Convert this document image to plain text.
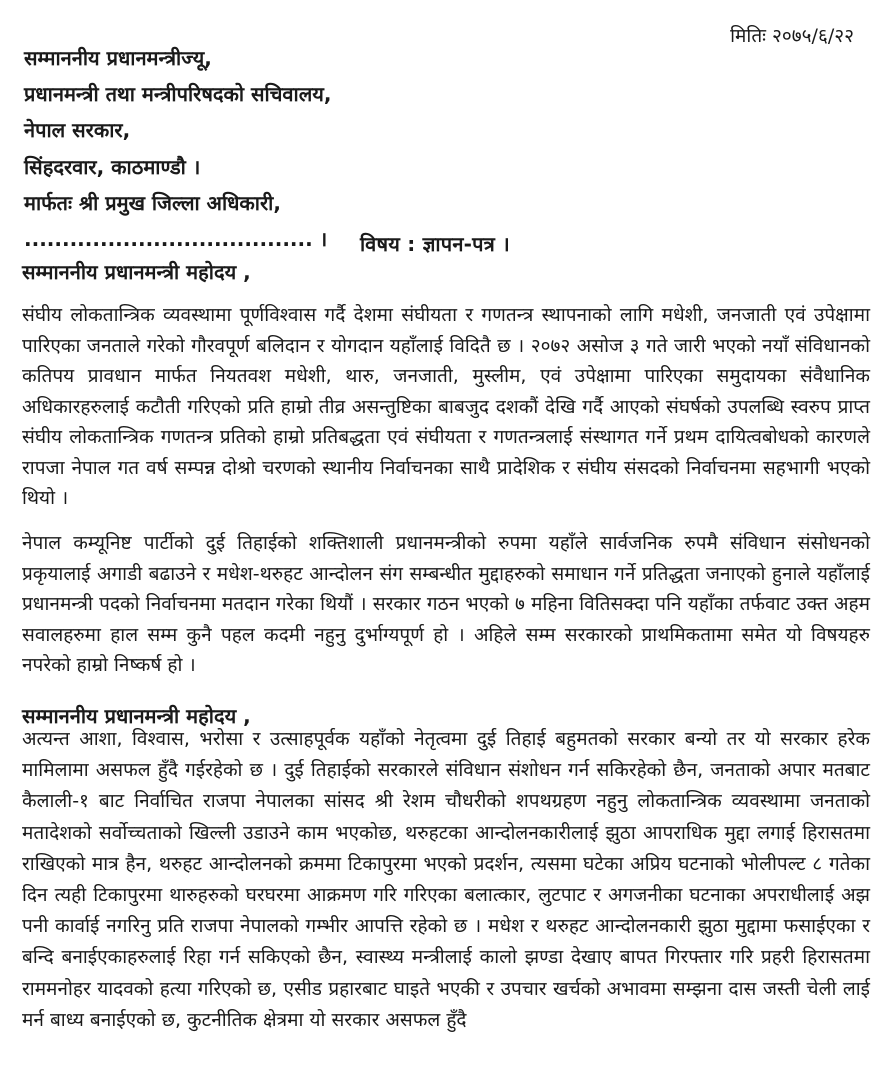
मितिः २०७५/६/२२
सम्माननीय प्रधानमन्त्रीज्यू,
प्रधानमन्त्री तथा मन्त्रीपरिषदको सचिवालय,
नेपाल सरकार,
सिंहदरवार, काठमाण्डौ ।
मार्फतः श्री प्रमुख जिल्ला अधिकारी,
...................................... । विषय : ज्ञापन-पत्र ।
सम्माननीय प्रधानमन्त्री महोदय ,

संघीय लोकतान्त्रिक व्यवस्थामा पूर्णविश्वास गर्दै देशमा संघीयता र गणतन्त्र स्थापनाको लागि मधेशी, जनजाती एवं उपेक्षामा पारिएका जनताले गरेको गौरवपूर्ण बलिदान र योगदान यहाँलाई विदितै छ । २०७२ असोज ३ गते जारी भएको नयाँ संविधानको कतिपय प्रावधान मार्फत नियतवश मधेशी, थारु, जनजाती, मुस्लीम, एवं उपेक्षामा पारिएका समुदायका संवैधानिक अधिकारहरुलाई कटौती गरिएको प्रति हाम्रो तीव्र असन्तुष्टिका बाबजुद दशकौं देखि गर्दै आएको संघर्षको उपलब्धि स्वरुप प्राप्त संघीय लोकतान्त्रिक गणतन्त्र प्रतिको हाम्रो प्रतिबद्धता एवं संघीयता र गणतन्त्रलाई संस्थागत गर्ने प्रथम दायित्वबोधको कारणले रापजा नेपाल गत वर्ष सम्पन्न दोश्रो चरणको स्थानीय निर्वाचनका साथै प्रादेशिक र संघीय संसदको निर्वाचनमा सहभागी भएको थियो ।

नेपाल कम्यूनिष्ट पार्टीको दुई तिहाईको शक्तिशाली प्रधानमन्त्रीको रुपमा यहाँले सार्वजनिक रुपमै संविधान संसोधनको प्रकृयालाई अगाडी बढाउने र मधेश-थरुहट आन्दोलन संग सम्बन्धीत मुद्दाहरुको समाधान गर्ने प्रतिद्धता जनाएको हुनाले यहाँलाई प्रधानमन्त्री पदको निर्वाचनमा मतदान गरेका थियौं । सरकार गठन भएको ७ महिना वितिसक्दा पनि यहाँका तर्फवाट उक्त अहम सवालहरुमा हाल सम्म कुनै पहल कदमी नहुनु दुर्भाग्यपूर्ण हो । अहिले सम्म सरकारको प्राथमिकतामा समेत यो विषयहरु नपरेको हाम्रो निष्कर्ष हो ।

सम्माननीय प्रधानमन्त्री महोदय ,

अत्यन्त आशा, विश्वास, भरोसा र उत्साहपूर्वक यहाँको नेतृत्वमा दुई तिहाई बहुमतको सरकार बन्यो तर यो सरकार हरेक मामिलामा असफल हुँदै गईरहेको छ । दुई तिहाईको सरकारले संविधान संशोधन गर्न सकिरहेको छैन, जनताको अपार मतबाट कैलाली-१ बाट निर्वाचित राजपा नेपालका सांसद श्री रेशम चौधरीको शपथग्रहण नहुनु लोकतान्त्रिक व्यवस्थामा जनताको मतादेशको सर्वोच्चताको खिल्ली उडाउने काम भएकोछ, थरुहटका आन्दोलनकारीलाई झुठा आपराधिक मुद्दा लगाई हिरासतमा राखिएको मात्र हैन, थरुहट आन्दोलनको क्रममा टिकापुरमा भएको प्रदर्शन, त्यसमा घटेका अप्रिय घटनाको भोलीपल्ट ८ गतेका दिन त्यही टिकापुरमा थारुहरुको घरघरमा आक्रमण गरि गरिएका बलात्कार, लुटपाट र अगजनीका घटनाका अपराधीलाई अझ पनी कार्वाई नगरिनु प्रति राजपा नेपालको गम्भीर आपत्ति रहेको छ । मधेश र थरुहट आन्दोलनकारी झुठा मुद्दामा फसाईएका र बन्दि बनाईएकाहरुलाई रिहा गर्न सकिएको छैन, स्वास्थ्य मन्त्रीलाई कालो झण्डा देखाए बापत गिरफ्तार गरि प्रहरी हिरासतमा राममनोहर यादवको हत्या गरिएको छ, एसीड प्रहारबाट घाइते भएकी र उपचार खर्चको अभावमा सम्झना दास जस्ती चेली लाई मर्न बाध्य बनाईएको छ, कुटनीतिक क्षेत्रमा यो सरकार असफल हुँदै
